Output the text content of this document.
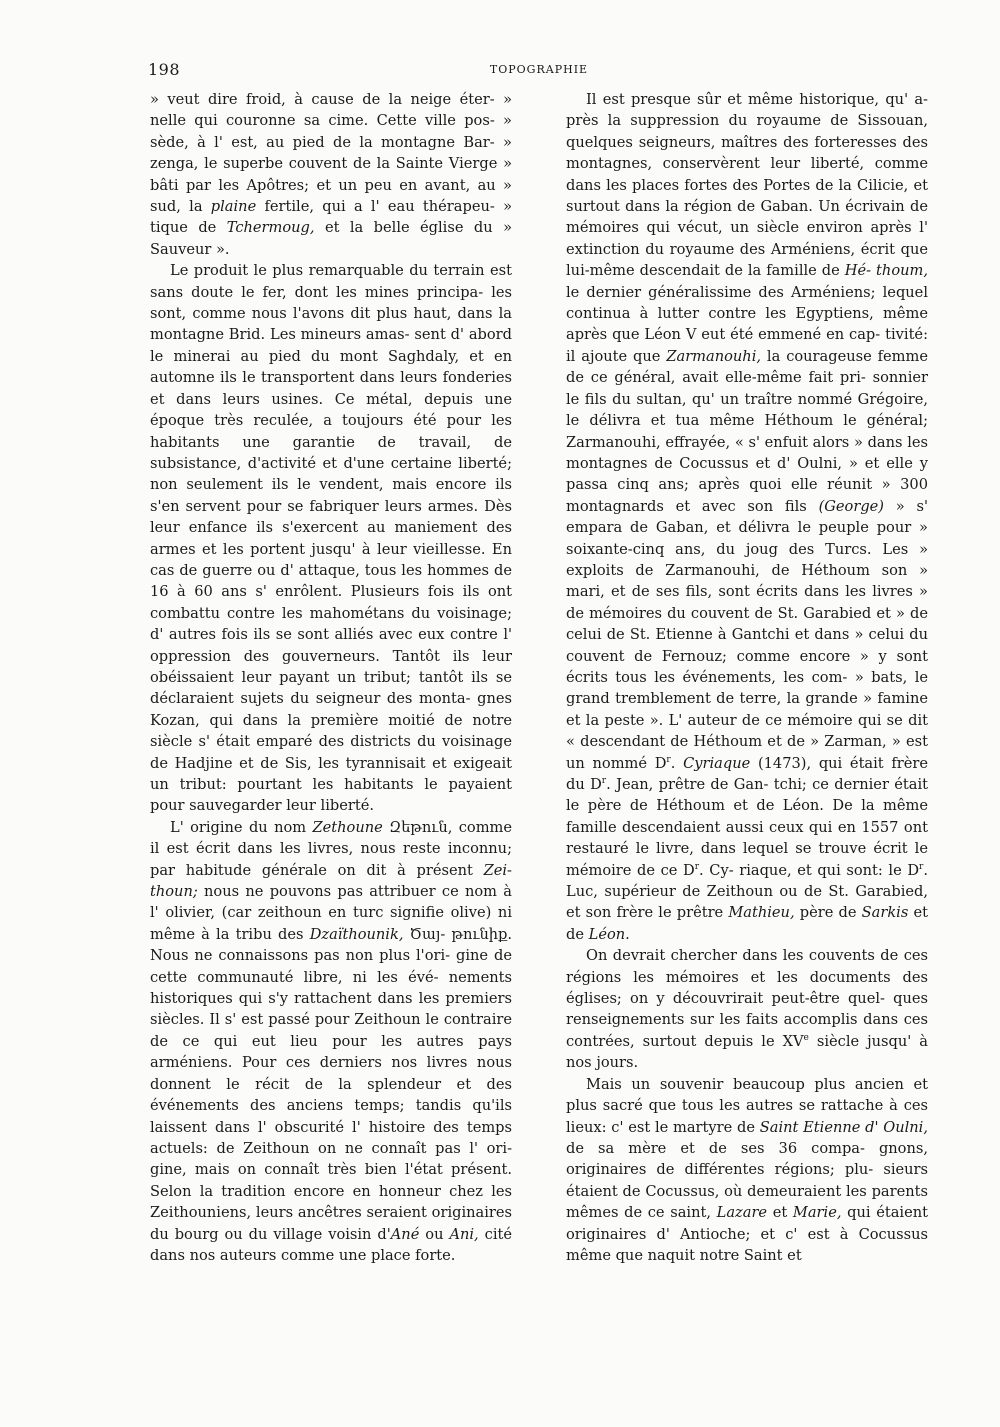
198	TOPOGRAPHIE

» veut dire froid, à cause de la neige éter- » nelle qui couronne sa cime. Cette ville pos- » sède, à l' est, au pied de la montagne Bar- » zenga, le superbe couvent de la Sainte Vierge » bâti par les Apôtres; et un peu en avant, au » sud, la plaine fertile, qui a l' eau thérapeu- » tique de Tchermoug, et la belle église du » Sauveur ».

Le produit le plus remarquable du terrain est sans doute le fer, dont les mines principa- les sont, comme nous l'avons dit plus haut, dans la montagne Brid. Les mineurs amas- sent d' abord le minerai au pied du mont Saghdaly, et en automne ils le transportent dans leurs fonderies et dans leurs usines. Ce métal, depuis une époque très reculée, a toujours été pour les habitants une garantie de travail, de subsistance, d'activité et d'une certaine liberté; non seulement ils le vendent, mais encore ils s'en servent pour se fabriquer leurs armes. Dès leur enfance ils s'exercent au maniement des armes et les portent jusqu' à leur vieillesse. En cas de guerre ou d' attaque, tous les hommes de 16 à 60 ans s' enrôlent. Plusieurs fois ils ont combattu contre les mahométans du voisinage; d' autres fois ils se sont alliés avec eux contre l' oppression des gouverneurs. Tantôt ils leur obéissaient leur payant un tribut; tantôt ils se déclaraient sujets du seigneur des monta- gnes Kozan, qui dans la première moitié de notre siècle s' était emparé des districts du voisinage de Hadjine et de Sis, les tyrannisait et exigeait un tribut: pourtant les habitants le payaient pour sauvegarder leur liberté.

L' origine du nom Zethoune Զեթուն, comme il est écrit dans les livres, nous reste inconnu; par habitude générale on dit à présent Zei- thoun; nous ne pouvons pas attribuer ce nom à l' olivier, (car zeithoun en turc signifie olive) ni même à la tribu des Dzaïthounik, Ծայ- թունիք. Nous ne connaissons pas non plus l'ori- gine de cette communauté libre, ni les évé- nements historiques qui s'y rattachent dans les premiers siècles. Il s' est passé pour Zeithoun le contraire de ce qui eut lieu pour les autres pays arméniens. Pour ces derniers nos livres nous donnent le récit de la splendeur et des événements des anciens temps; tandis qu'ils laissent dans l' obscurité l' histoire des temps actuels: de Zeithoun on ne connaît pas l' ori- gine, mais on connaît très bien l'état présent. Selon la tradition encore en honneur chez les Zeithouniens, leurs ancêtres seraient originaires du bourg ou du village voisin d'Ané ou Ani, cité dans nos auteurs comme une place forte.

Il est presque sûr et même historique, qu' a- près la suppression du royaume de Sissouan, quelques seigneurs, maîtres des forteresses des montagnes, conservèrent leur liberté, comme dans les places fortes des Portes de la Cilicie, et surtout dans la région de Gaban. Un écrivain de mémoires qui vécut, un siècle environ après l' extinction du royaume des Arméniens, écrit que lui-même descendait de la famille de Hé- thoum, le dernier généralissime des Arméniens; lequel continua à lutter contre les Egyptiens, même après que Léon V eut été emmené en cap- tivité: il ajoute que Zarmanouhi, la courageuse femme de ce général, avait elle-même fait pri- sonnier le fils du sultan, qu' un traître nommé Grégoire, le délivra et tua même Héthoum le général; Zarmanouhi, effrayée, « s' enfuit alors » dans les montagnes de Cocussus et d' Oulni, » et elle y passa cinq ans; après quoi elle réunit » 300 montagnards et avec son fils (George) » s' empara de Gaban, et délivra le peuple pour » soixante-cinq ans, du joug des Turcs. Les » exploits de Zarmanouhi, de Héthoum son » mari, et de ses fils, sont écrits dans les livres » de mémoires du couvent de St. Garabied et » de celui de St. Etienne à Gantchi et dans » celui du couvent de Fernouz; comme encore » y sont écrits tous les événements, les com- » bats, le grand tremblement de terre, la grande » famine et la peste ». L' auteur de ce mémoire qui se dit « descendant de Héthoum et de » Zarman, » est un nommé $D^r$. Cyriaque (1473), qui était frère du $D^r$. Jean, prêtre de Gan- tchi; ce dernier était le père de Héthoum et de Léon. De la même famille descendaient aussi ceux qui en 1557 ont restauré le livre, dans lequel se trouve écrit le mémoire de ce $D^r$. Cy- riaque, et qui sont: le $D^r$. Luc, supérieur de Zeithoun ou de St. Garabied, et son frère le prêtre Mathieu, père de Sarkis et de Léon.

On devrait chercher dans les couvents de ces régions les mémoires et les documents des églises; on y découvrirait peut-être quel- ques renseignements sur les faits accomplis dans ces contrées, surtout depuis le XVe siècle jusqu' à nos jours.

Mais un souvenir beaucoup plus ancien et plus sacré que tous les autres se rattache à ces lieux: c' est le martyre de Saint Etienne d' Oulni, de sa mère et de ses 36 compa- gnons, originaires de différentes régions; plu- sieurs étaient de Cocussus, où demeuraient les parents mêmes de ce saint, Lazare et Marie, qui étaient originaires d' Antioche; et c' est à Cocussus même que naquit notre Saint et
